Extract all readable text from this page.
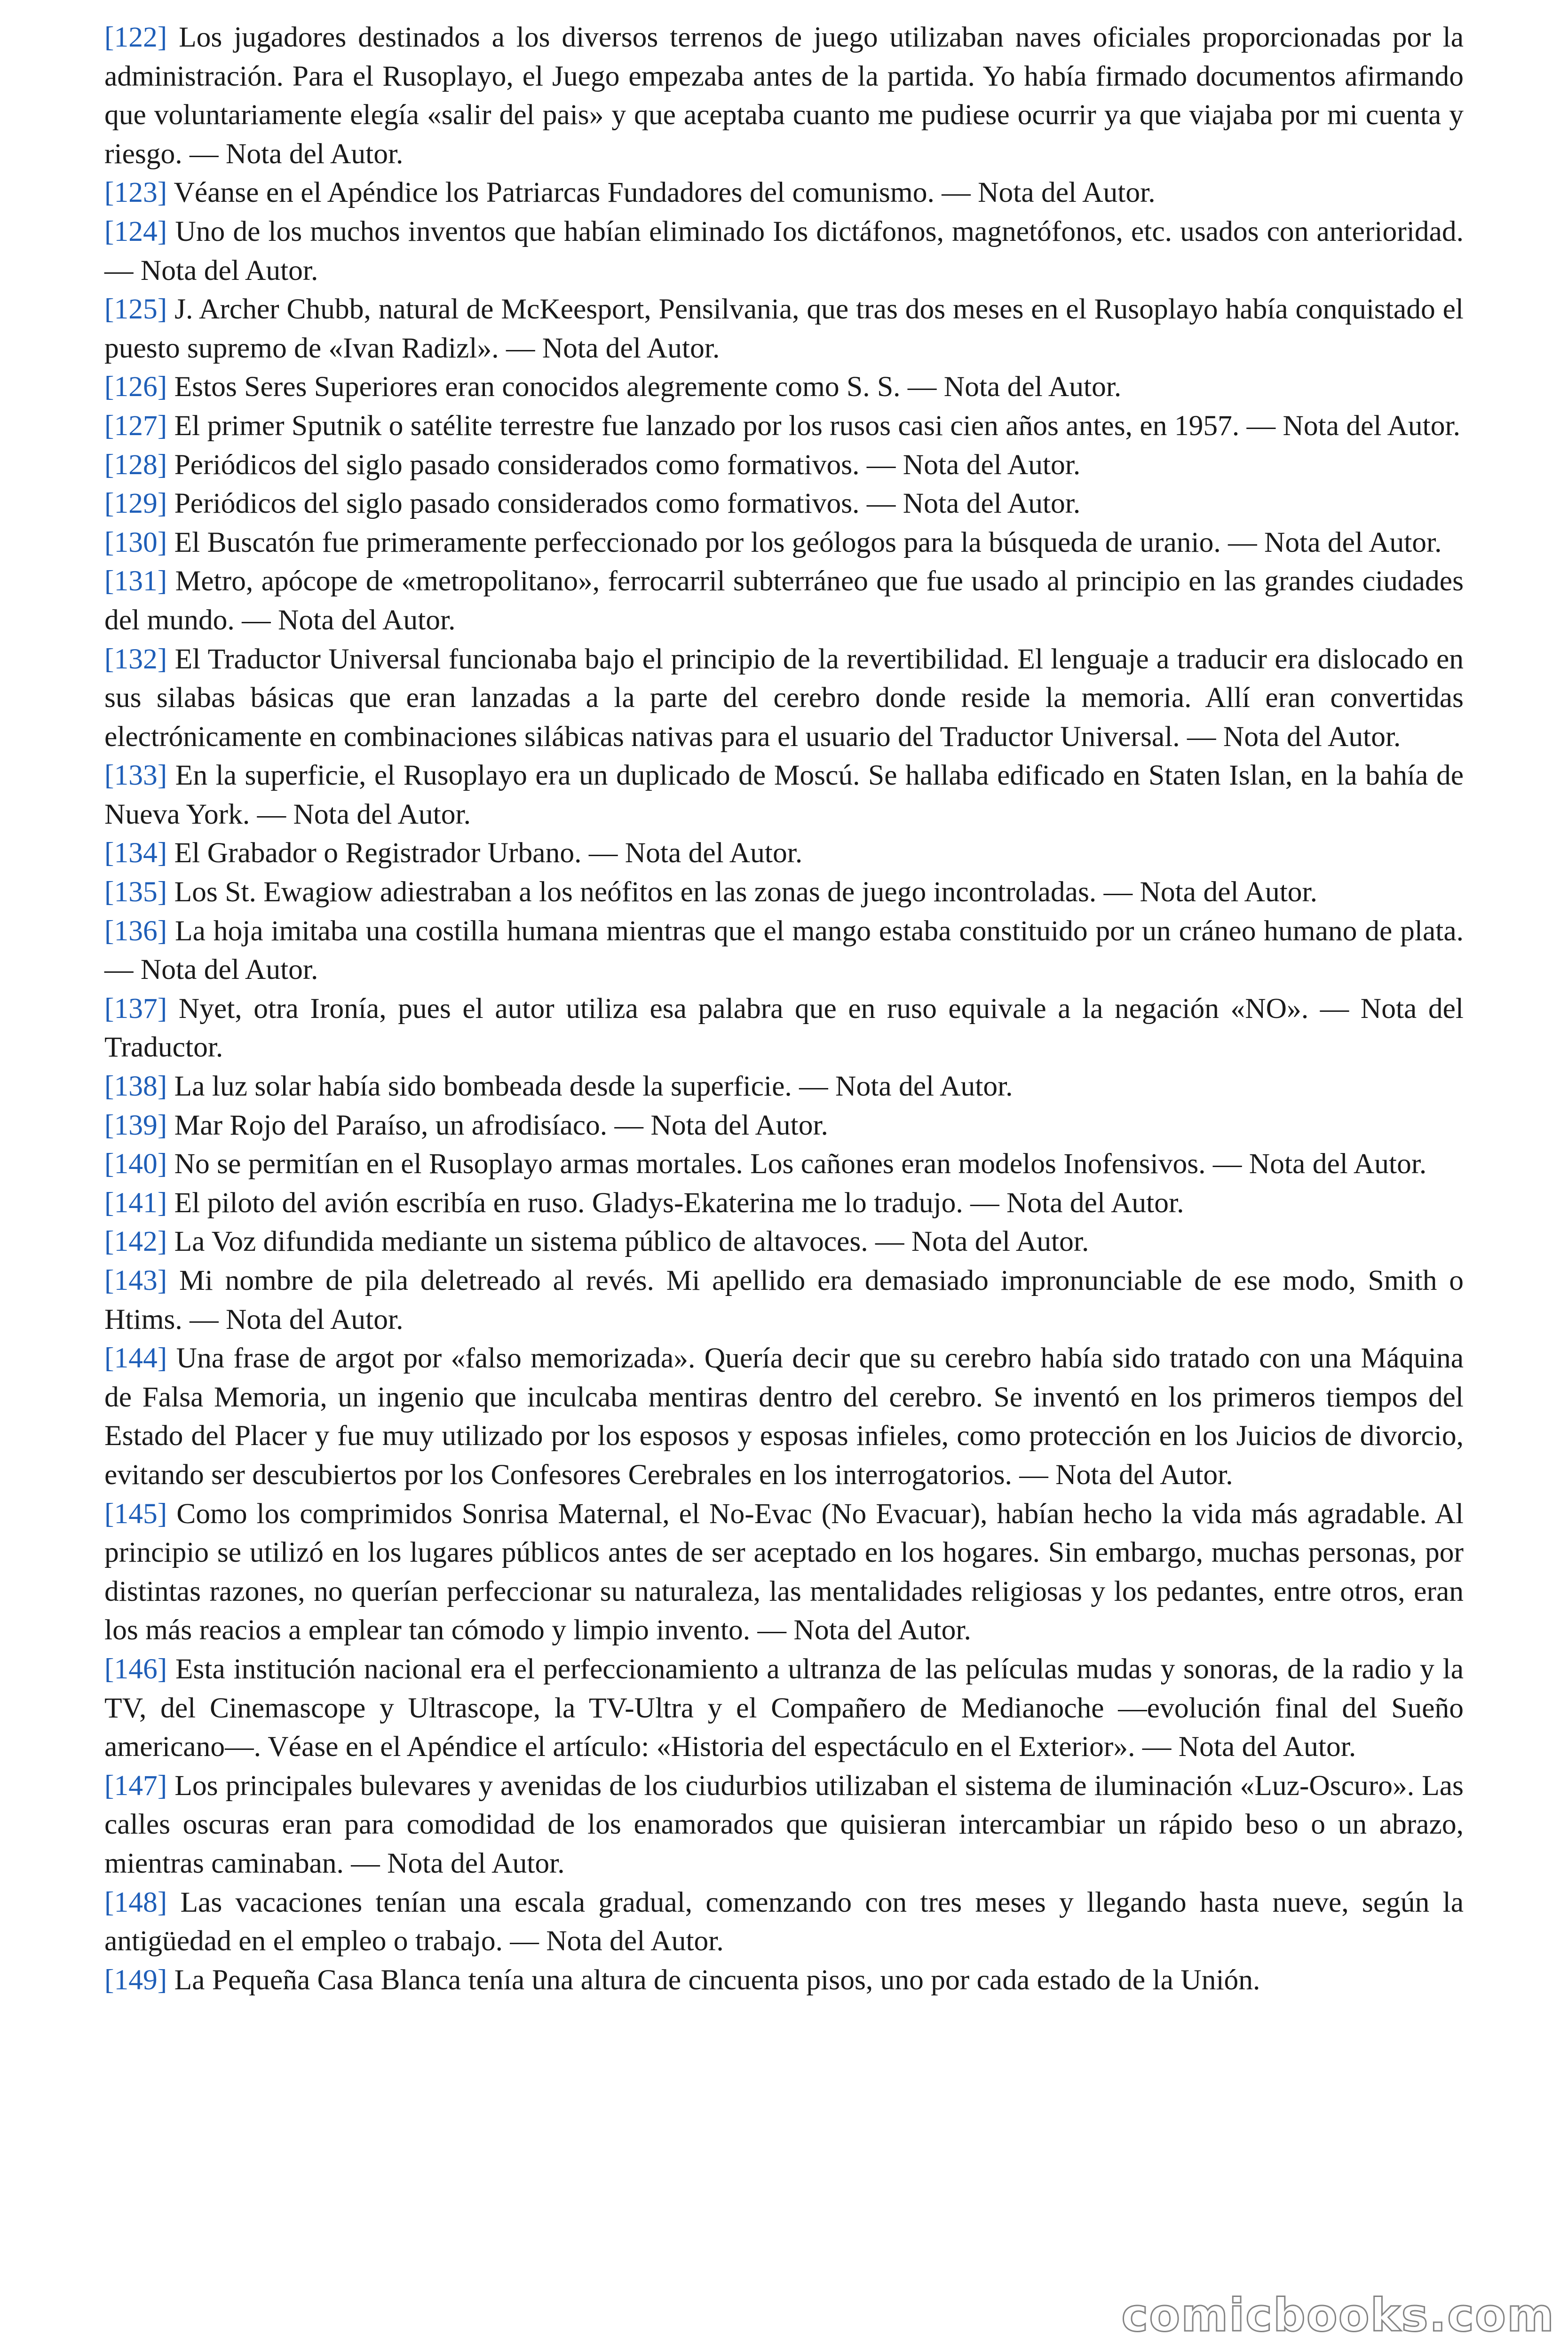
[122] Los jugadores destinados a los diversos terrenos de juego utilizaban naves oficiales proporcionadas por la administración. Para el Rusoplayo, el Juego empezaba antes de la partida. Yo había firmado documentos afirmando que voluntariamente elegía «salir del pais» y que aceptaba cuanto me pudiese ocurrir ya que viajaba por mi cuenta y riesgo. — Nota del Autor.

[123] Véanse en el Apéndice los Patriarcas Fundadores del comunismo. — Nota del Autor.

[124] Uno de los muchos inventos que habían eliminado Ios dictáfonos, magnetófonos, etc. usados con anterioridad. — Nota del Autor.

[125] J. Archer Chubb, natural de McKeesport, Pensilvania, que tras dos meses en el Rusoplayo había conquistado el puesto supremo de «Ivan Radizl». — Nota del Autor.

[126] Estos Seres Superiores eran conocidos alegremente como S. S. — Nota del Autor.

[127] El primer Sputnik o satélite terrestre fue lanzado por los rusos casi cien años antes, en 1957. — Nota del Autor.

[128] Periódicos del siglo pasado considerados como formativos. — Nota del Autor.

[129] Periódicos del siglo pasado considerados como formativos. — Nota del Autor.

[130] El Buscatón fue primeramente perfeccionado por los geólogos para la búsqueda de uranio. — Nota del Autor.

[131] Metro, apócope de «metropolitano», ferrocarril subterráneo que fue usado al principio en las grandes ciudades del mundo. — Nota del Autor.

[132] El Traductor Universal funcionaba bajo el principio de la revertibilidad. El lenguaje a traducir era dislocado en sus silabas básicas que eran lanzadas a la parte del cerebro donde reside la memoria. Allí eran convertidas electrónicamente en combinaciones silábicas nativas para el usuario del Traductor Universal. — Nota del Autor.

[133] En la superficie, el Rusoplayo era un duplicado de Moscú. Se hallaba edificado en Staten Islan, en la bahía de Nueva York. — Nota del Autor.

[134] El Grabador o Registrador Urbano. — Nota del Autor.

[135] Los St. Ewagiow adiestraban a los neófitos en las zonas de juego incontroladas. — Nota del Autor.

[136] La hoja imitaba una costilla humana mientras que el mango estaba constituido por un cráneo humano de plata. — Nota del Autor.

[137] Nyet, otra Ironía, pues el autor utiliza esa palabra que en ruso equivale a la negación «NO». — Nota del Traductor.

[138] La luz solar había sido bombeada desde la superficie. — Nota del Autor.

[139] Mar Rojo del Paraíso, un afrodisíaco. — Nota del Autor.

[140] No se permitían en el Rusoplayo armas mortales. Los cañones eran modelos Inofensivos. — Nota del Autor.

[141] El piloto del avión escribía en ruso. Gladys-Ekaterina me lo tradujo. — Nota del Autor.

[142] La Voz difundida mediante un sistema público de altavoces. — Nota del Autor.

[143] Mi nombre de pila deletreado al revés. Mi apellido era demasiado impronunciable de ese modo, Smith o Htims. — Nota del Autor.

[144] Una frase de argot por «falso memorizada». Quería decir que su cerebro había sido tratado con una Máquina de Falsa Memoria, un ingenio que inculcaba mentiras dentro del cerebro. Se inventó en los primeros tiempos del Estado del Placer y fue muy utilizado por los esposos y esposas infieles, como protección en los Juicios de divorcio, evitando ser descubiertos por los Confesores Cerebrales en los interrogatorios. — Nota del Autor.

[145] Como los comprimidos Sonrisa Maternal, el No-Evac (No Evacuar), habían hecho la vida más agradable. Al principio se utilizó en los lugares públicos antes de ser aceptado en los hogares. Sin embargo, muchas personas, por distintas razones, no querían perfeccionar su naturaleza, las mentalidades religiosas y los pedantes, entre otros, eran los más reacios a emplear tan cómodo y limpio invento. — Nota del Autor.

[146] Esta institución nacional era el perfeccionamiento a ultranza de las películas mudas y sonoras, de la radio y la TV, del Cinemascope y Ultrascope, la TV-Ultra y el Compañero de Medianoche —evolución final del Sueño americano—. Véase en el Apéndice el artículo: «Historia del espectáculo en el Exterior». — Nota del Autor.

[147] Los principales bulevares y avenidas de los ciudurbios utilizaban el sistema de iluminación «Luz-Oscuro». Las calles oscuras eran para comodidad de los enamorados que quisieran intercambiar un rápido beso o un abrazo, mientras caminaban. — Nota del Autor.

[148] Las vacaciones tenían una escala gradual, comenzando con tres meses y llegando hasta nueve, según la antigüedad en el empleo o trabajo. — Nota del Autor.

[149] La Pequeña Casa Blanca tenía una altura de cincuenta pisos, uno por cada estado de la Unión.

comicbooks.com
